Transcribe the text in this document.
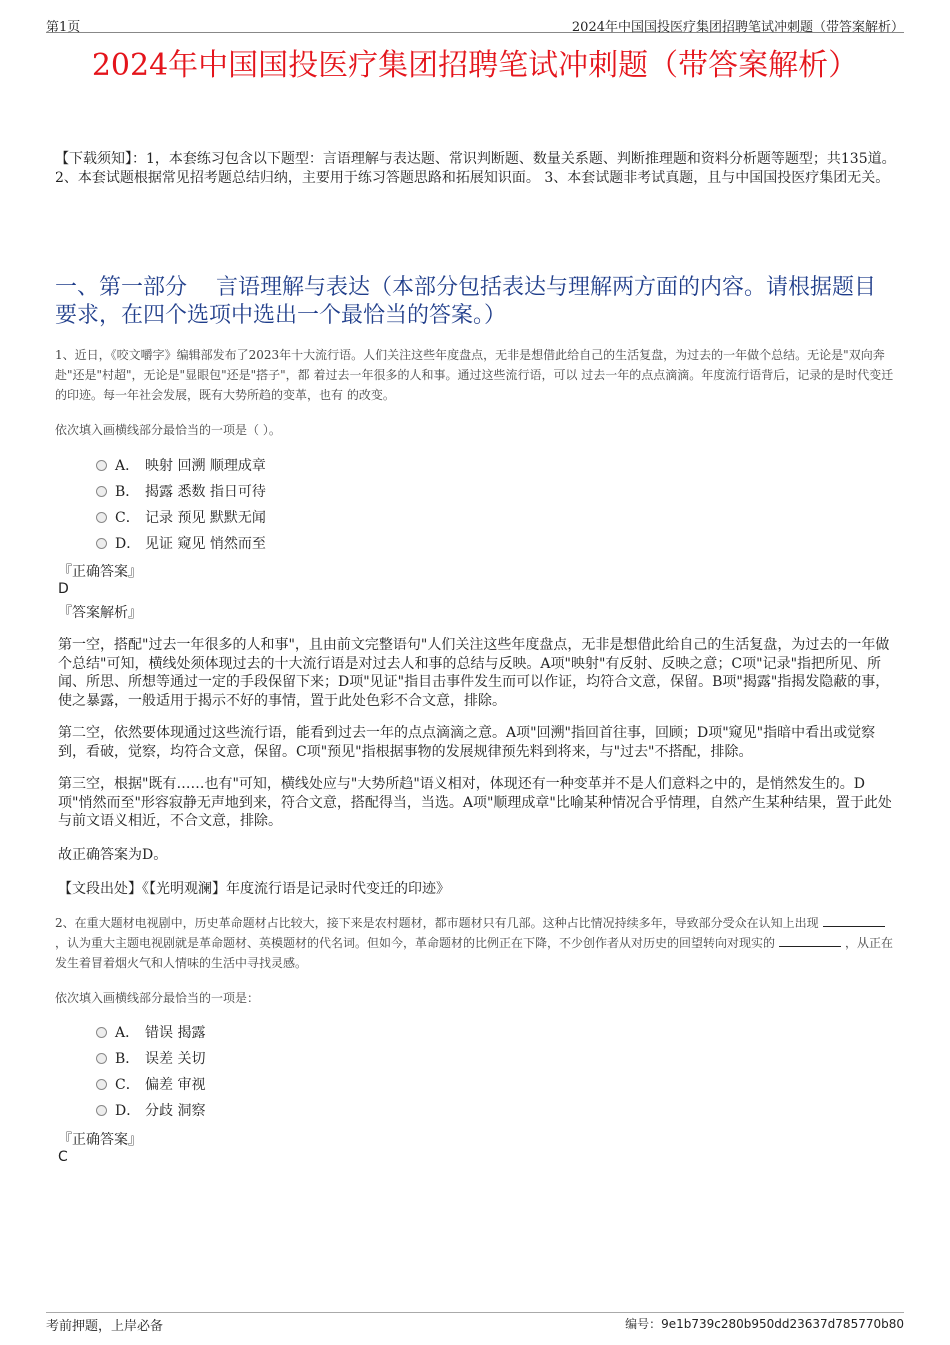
第1页	2024年中国国投医疗集团招聘笔试冲刺题（带答案解析）
2024年中国国投医疗集团招聘笔试冲刺题（带答案解析）
【下载须知】：1，本套练习包含以下题型：言语理解与表达题、常识判断题、数量关系题、判断推理题和资料分析题等题型；共135道。 2、本套试题根据常见招考题总结归纳，主要用于练习答题思路和拓展知识面。 3、本套试题非考试真题，且与中国国投医疗集团无关。
一、第一部分　 言语理解与表达（本部分包括表达与理解两方面的内容。请根据题目要求，在四个选项中选出一个最恰当的答案。）
1、近日，《咬文嚼字》编辑部发布了2023年十大流行语。人们关注这些年度盘点，无非是想借此给自己的生活复盘，为过去的一年做个总结。无论是"双向奔赴"还是"村超"，无论是"显眼包"还是"搭子"，都 着过去一年很多的人和事。通过这些流行语，可以 过去一年的点点滴滴。年度流行语背后，记录的是时代变迁的印迹。每一年社会发展，既有大势所趋的变革，也有 的改变。
依次填入画横线部分最恰当的一项是（ ）。
A． 映射 回溯 顺理成章
B． 揭露 悉数 指日可待
C． 记录 预见 默默无闻
D． 见证 窥见 悄然而至
『正确答案』
D
『答案解析』
第一空，搭配"过去一年很多的人和事"，且由前文完整语句"人们关注这些年度盘点，无非是想借此给自己的生活复盘，为过去的一年做个总结"可知，横线处须体现过去的十大流行语是对过去人和事的总结与反映。A项"映射"有反射、反映之意；C项"记录"指把所见、所闻、所思、所想等通过一定的手段保留下来；D项"见证"指目击事件发生而可以作证，均符合文意，保留。B项"揭露"指揭发隐蔽的事，使之暴露，一般适用于揭示不好的事情，置于此处色彩不合文意，排除。
第二空，依然要体现通过这些流行语，能看到过去一年的点点滴滴之意。A项"回溯"指回首往事，回顾；D项"窥见"指暗中看出或觉察到，看破，觉察，均符合文意，保留。C项"预见"指根据事物的发展规律预先料到将来，与"过去"不搭配，排除。
第三空，根据"既有……也有"可知，横线处应与"大势所趋"语义相对，体现还有一种变革并不是人们意料之中的，是悄然发生的。D项"悄然而至"形容寂静无声地到来，符合文意，搭配得当，当选。A项"顺理成章"比喻某种情况合乎情理，自然产生某种结果，置于此处与前文语义相近，不合文意，排除。
故正确答案为D。
【文段出处】《【光明观澜】年度流行语是记录时代变迁的印迹》
2、在重大题材电视剧中，历史革命题材占比较大，接下来是农村题材，都市题材只有几部。这种占比情况持续多年，导致部分受众在认知上出现，认为重大主题电视剧就是革命题材、英模题材的代名词。但如今，革命题材的比例正在下降，不少创作者从对历史的回望转向对现实的	，从正在发生着冒着烟火气和人情味的生活中寻找灵感。
依次填入画横线部分最恰当的一项是：
A． 错误 揭露
B． 误差 关切
C． 偏差 审视
D． 分歧 洞察
『正确答案』
C
考前押题，上岸必备	编号：9e1b739c280b950dd23637d785770b80
